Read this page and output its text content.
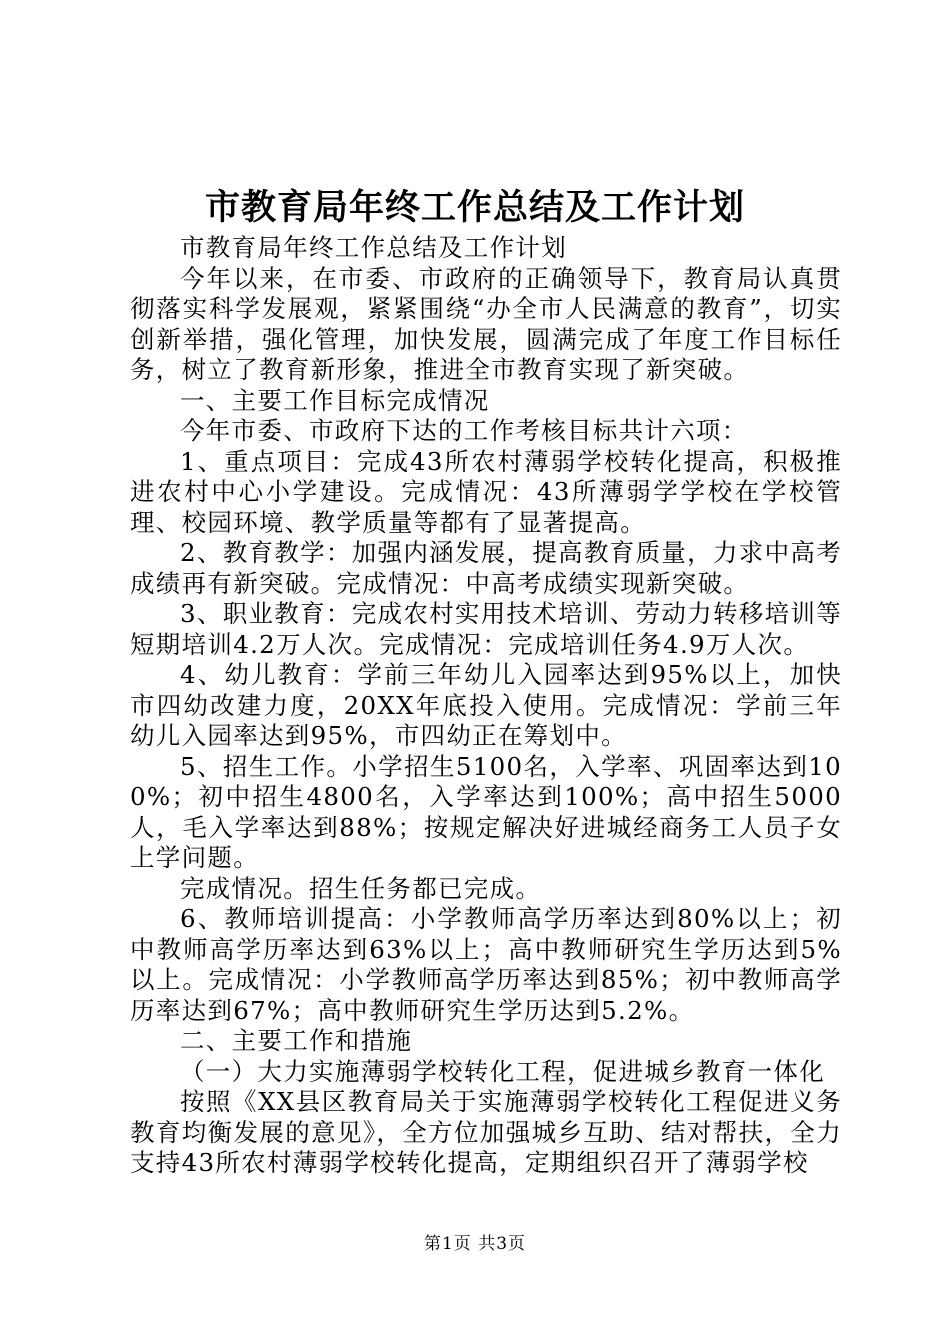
市教育局年终工作总结及工作计划

市教育局年终工作总结及工作计划

今年以来，在市委、市政府的正确领导下，教育局认真贯彻落实科学发展观，紧紧围绕“办全市人民满意的教育”，切实创新举措，强化管理，加快发展，圆满完成了年度工作目标任务，树立了教育新形象，推进全市教育实现了新突破。

一、主要工作目标完成情况

今年市委、市政府下达的工作考核目标共计六项：

1、重点项目：完成43所农村薄弱学校转化提高，积极推进农村中心小学建设。完成情况：43所薄弱学学校在学校管理、校园环境、教学质量等都有了显著提高。

2、教育教学：加强内涵发展，提高教育质量，力求中高考成绩再有新突破。完成情况：中高考成绩实现新突破。

3、职业教育：完成农村实用技术培训、劳动力转移培训等短期培训4.2万人次。完成情况：完成培训任务4.9万人次。

4、幼儿教育：学前三年幼儿入园率达到95%以上，加快市四幼改建力度，20XX年底投入使用。完成情况：学前三年幼儿入园率达到95%，市四幼正在筹划中。

5、招生工作。小学招生5100名，入学率、巩固率达到100%；初中招生4800名，入学率达到100%；高中招生5000人，毛入学率达到88%；按规定解决好进城经商务工人员子女上学问题。

完成情况。招生任务都已完成。

6、教师培训提高：小学教师高学历率达到80%以上；初中教师高学历率达到63%以上；高中教师研究生学历达到5%以上。完成情况：小学教师高学历率达到85%；初中教师高学历率达到67%；高中教师研究生学历达到5.2%。

二、主要工作和措施

（一）大力实施薄弱学校转化工程，促进城乡教育一体化

按照《XX县区教育局关于实施薄弱学校转化工程促进义务教育均衡发展的意见》，全方位加强城乡互助、结对帮扶，全力支持43所农村薄弱学校转化提高，定期组织召开了薄弱学校

第1页 共3页
